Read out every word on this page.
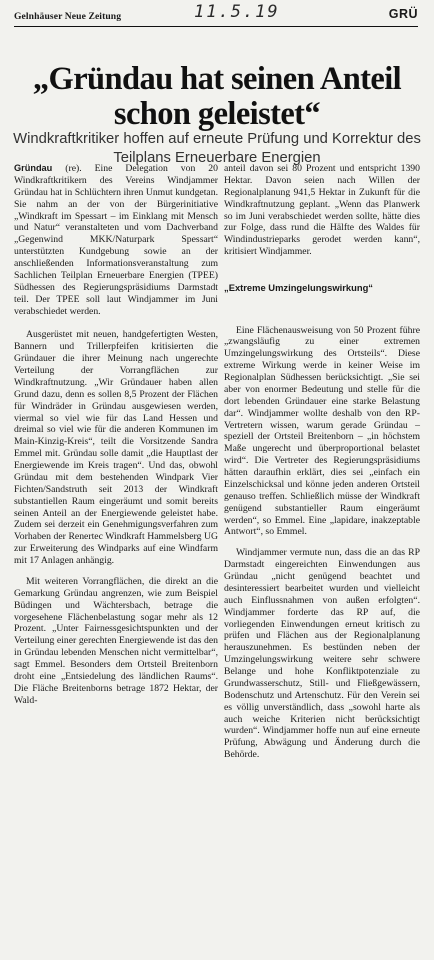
Gelnhäuser Neue Zeitung	11.5.19	GRÜ
„Gründau hat seinen Anteil schon geleistet“
Windkraftkritiker hoffen auf erneute Prüfung und Korrektur des Teilplans Erneuerbare Energien

Gründau (re). Eine Delegation von 20 Windkraftkritikern des Vereins Windjammer Gründau hat in Schlüchtern ihren Unmut kundgetan. Sie nahm an der von der Bürgerinitiative „Windkraft im Spessart – im Einklang mit Mensch und Natur“ veranstalteten und vom Dachverband „Gegenwind MKK/Naturpark Spessart“ unterstützten Kundgebung sowie an der anschließenden Informationsveranstaltung zum Sachlichen Teilplan Erneuerbare Energien (TPEE) Südhessen des Regierungspräsidiums Darmstadt teil. Der TPEE soll laut Windjammer im Juni verabschiedet werden.

Ausgerüstet mit neuen, handgefertigten Westen, Bannern und Trillerpfeifen kritisierten die Gründauer die ihrer Meinung nach ungerechte Verteilung der Vorrangflächen zur Windkraftnutzung. „Wir Gründauer haben allen Grund dazu, denn es sollen 8,5 Prozent der Flächen für Windräder in Gründau ausgewiesen werden, viermal so viel wie für das Land Hessen und dreimal so viel wie für die anderen Kommunen im Main-Kinzig-Kreis“, teilt die Vorsitzende Sandra Emmel mit. Gründau solle damit „die Hauptlast der Energiewende im Kreis tragen“. Und das, obwohl Gründau mit dem bestehenden Windpark Vier Fichten/Sandstruth seit 2013 der Windkraft substantiellen Raum eingeräumt und somit bereits seinen Anteil an der Energiewende geleistet habe. Zudem sei derzeit ein Genehmigungsverfahren zum Vorhaben der Renertec Windkraft Hammelsberg UG zur Erweiterung des Windparks auf eine Windfarm mit 17 Anlagen anhängig.

Mit weiteren Vorrangflächen, die direkt an die Gemarkung Gründau angrenzen, wie zum Beispiel Büdingen und Wächtersbach, betrage die vorgesehene Flächenbelastung sogar mehr als 12 Prozent. „Unter Fairnessgesichtspunkten und der Verteilung einer gerechten Energiewende ist das den in Gründau lebenden Menschen nicht vermittelbar“, sagt Emmel. Besonders dem Ortsteil Breitenborn droht eine „Entsiedelung des ländlichen Raums“. Die Fläche Breitenborns betrage 1872 Hektar, der Wald-

anteil davon sei 80 Prozent und entspricht 1390 Hektar. Davon seien nach Willen der Regionalplanung 941,5 Hektar in Zukunft für die Windkraftnutzung geplant. „Wenn das Planwerk so im Juni verabschiedet werden sollte, hätte dies zur Folge, dass rund die Hälfte des Waldes für Windindustrieparks gerodet werden kann“, kritisiert Windjammer.

„Extreme Umzingelungswirkung“

Eine Flächenausweisung von 50 Prozent führe „zwangsläufig zu einer extremen Umzingelungswirkung des Ortsteils“. Diese extreme Wirkung werde in keiner Weise im Regionalplan Südhessen berücksichtigt. „Sie sei aber von enormer Bedeutung und stelle für die dort lebenden Gründauer eine starke Belastung dar“. Windjammer wollte deshalb von den RP-Vertretern wissen, warum gerade Gründau – speziell der Ortsteil Breitenborn – „in höchstem Maße ungerecht und überproportional belastet wird“. Die Vertreter des Regierungspräsidiums hätten daraufhin erklärt, dies sei „einfach ein Einzelschicksal und könne jeden anderen Ortsteil genauso treffen. Schließlich müsse der Windkraft genügend substantieller Raum eingeräumt werden“, so Emmel. Eine „lapidare, inakzeptable Antwort“, so Emmel.

Windjammer vermute nun, dass die an das RP Darmstadt eingereichten Einwendungen aus Gründau „nicht genügend beachtet und desinteressiert bearbeitet wurden und vielleicht auch Einflussnahmen von außen erfolgten“. Windjammer forderte das RP auf, die vorliegenden Einwendungen erneut kritisch zu prüfen und Flächen aus der Regionalplanung herauszunehmen. Es bestünden neben der Umzingelungswirkung weitere sehr schwere Belange und hohe Konfliktpotenziale zu Grundwasserschutz, Still- und Fließgewässern, Bodenschutz und Artenschutz. Für den Verein sei es völlig unverständlich, dass „sowohl harte als auch weiche Kriterien nicht berücksichtigt wurden“. Windjammer hoffe nun auf eine erneute Prüfung, Abwägung und Änderung durch die Behörde.
